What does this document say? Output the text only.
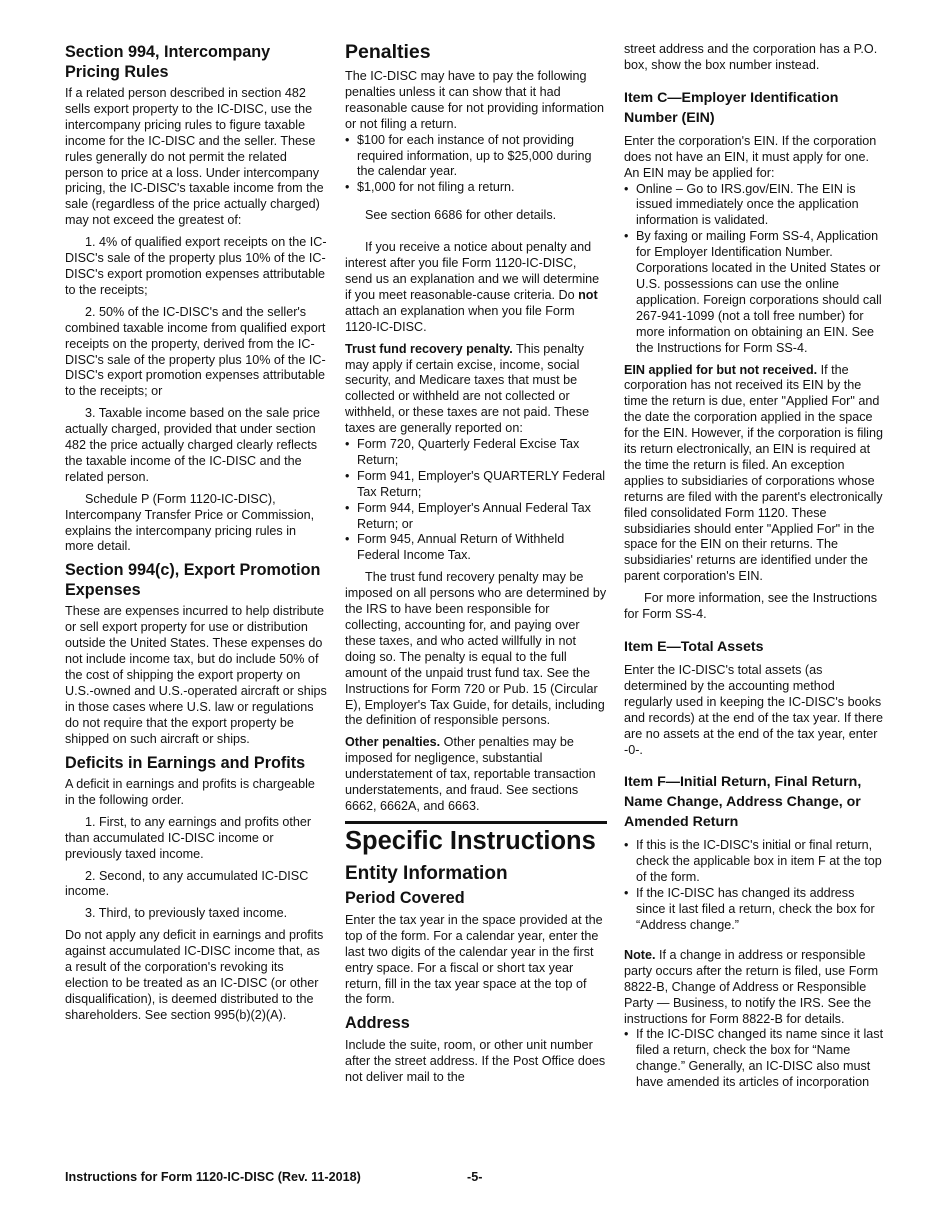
Section 994, Intercompany Pricing Rules

If a related person described in section 482 sells export property to the IC-DISC, use the intercompany pricing rules to figure taxable income for the IC-DISC and the seller. These rules generally do not permit the related person to price at a loss. Under intercompany pricing, the IC-DISC's taxable income from the sale (regardless of the price actually charged) may not exceed the greatest of:

1. 4% of qualified export receipts on the IC-DISC's sale of the property plus 10% of the IC-DISC's export promotion expenses attributable to the receipts;

2. 50% of the IC-DISC's and the seller's combined taxable income from qualified export receipts on the property, derived from the IC-DISC's sale of the property plus 10% of the IC-DISC's export promotion expenses attributable to the receipts; or

3. Taxable income based on the sale price actually charged, provided that under section 482 the price actually charged clearly reflects the taxable income of the IC-DISC and the related person.

Schedule P (Form 1120-IC-DISC), Intercompany Transfer Price or Commission, explains the intercompany pricing rules in more detail.

Section 994(c), Export Promotion Expenses

These are expenses incurred to help distribute or sell export property for use or distribution outside the United States. These expenses do not include income tax, but do include 50% of the cost of shipping the export property on U.S.-owned and U.S.-operated aircraft or ships in those cases where U.S. law or regulations do not require that the export property be shipped on such aircraft or ships.

Deficits in Earnings and Profits

A deficit in earnings and profits is chargeable in the following order.

1. First, to any earnings and profits other than accumulated IC-DISC income or previously taxed income.

2. Second, to any accumulated IC-DISC income.

3. Third, to previously taxed income.

Do not apply any deficit in earnings and profits against accumulated IC-DISC income that, as a result of the corporation's revoking its election to be treated as an IC-DISC (or other disqualification), is deemed distributed to the shareholders. See section 995(b)(2)(A).

Penalties

The IC-DISC may have to pay the following penalties unless it can show that it had reasonable cause for not providing information or not filing a return.

• $100 for each instance of not providing required information, up to $25,000 during the calendar year.
• $1,000 for not filing a return.

See section 6686 for other details.

If you receive a notice about penalty and interest after you file Form 1120-IC-DISC, send us an explanation and we will determine if you meet reasonable-cause criteria. Do not attach an explanation when you file Form 1120-IC-DISC.

Trust fund recovery penalty. This penalty may apply if certain excise, income, social security, and Medicare taxes that must be collected or withheld are not collected or withheld, or these taxes are not paid. These taxes are generally reported on:

• Form 720, Quarterly Federal Excise Tax Return;
• Form 941, Employer's QUARTERLY Federal Tax Return;
• Form 944, Employer's Annual Federal Tax Return; or
• Form 945, Annual Return of Withheld Federal Income Tax.

The trust fund recovery penalty may be imposed on all persons who are determined by the IRS to have been responsible for collecting, accounting for, and paying over these taxes, and who acted willfully in not doing so. The penalty is equal to the full amount of the unpaid trust fund tax. See the Instructions for Form 720 or Pub. 15 (Circular E), Employer's Tax Guide, for details, including the definition of responsible persons.

Other penalties. Other penalties may be imposed for negligence, substantial understatement of tax, reportable transaction understatements, and fraud. See sections 6662, 6662A, and 6663.

Specific Instructions
Entity Information
Period Covered

Enter the tax year in the space provided at the top of the form. For a calendar year, enter the last two digits of the calendar year in the first entry space. For a fiscal or short tax year return, fill in the tax year space at the top of the form.

Address

Include the suite, room, or other unit number after the street address. If the Post Office does not deliver mail to the

street address and the corporation has a P.O. box, show the box number instead.

Item C—Employer Identification Number (EIN)

Enter the corporation's EIN. If the corporation does not have an EIN, it must apply for one. An EIN may be applied for:

• Online – Go to IRS.gov/EIN. The EIN is issued immediately once the application information is validated.
• By faxing or mailing Form SS-4, Application for Employer Identification Number. Corporations located in the United States or U.S. possessions can use the online application. Foreign corporations should call 267-941-1099 (not a toll free number) for more information on obtaining an EIN. See the Instructions for Form SS-4.

EIN applied for but not received. If the corporation has not received its EIN by the time the return is due, enter "Applied For" and the date the corporation applied in the space for the EIN. However, if the corporation is filing its return electronically, an EIN is required at the time the return is filed. An exception applies to subsidiaries of corporations whose returns are filed with the parent's electronically filed consolidated Form 1120. These subsidiaries should enter "Applied For" in the space for the EIN on their returns. The subsidiaries' returns are identified under the parent corporation's EIN.

For more information, see the Instructions for Form SS-4.

Item E—Total Assets

Enter the IC-DISC's total assets (as determined by the accounting method regularly used in keeping the IC-DISC's books and records) at the end of the tax year. If there are no assets at the end of the tax year, enter -0-.

Item F—Initial Return, Final Return, Name Change, Address Change, or Amended Return
• If this is the IC-DISC's initial or final return, check the applicable box in item F at the top of the form.
• If the IC-DISC has changed its address since it last filed a return, check the box for “Address change.”

Note. If a change in address or responsible party occurs after the return is filed, use Form 8822-B, Change of Address or Responsible Party — Business, to notify the IRS. See the instructions for Form 8822-B for details.

• If the IC-DISC changed its name since it last filed a return, check the box for “Name change.” Generally, an IC-DISC also must have amended its articles of incorporation
Instructions for Form 1120-IC-DISC (Rev. 11-2018)	-5-
